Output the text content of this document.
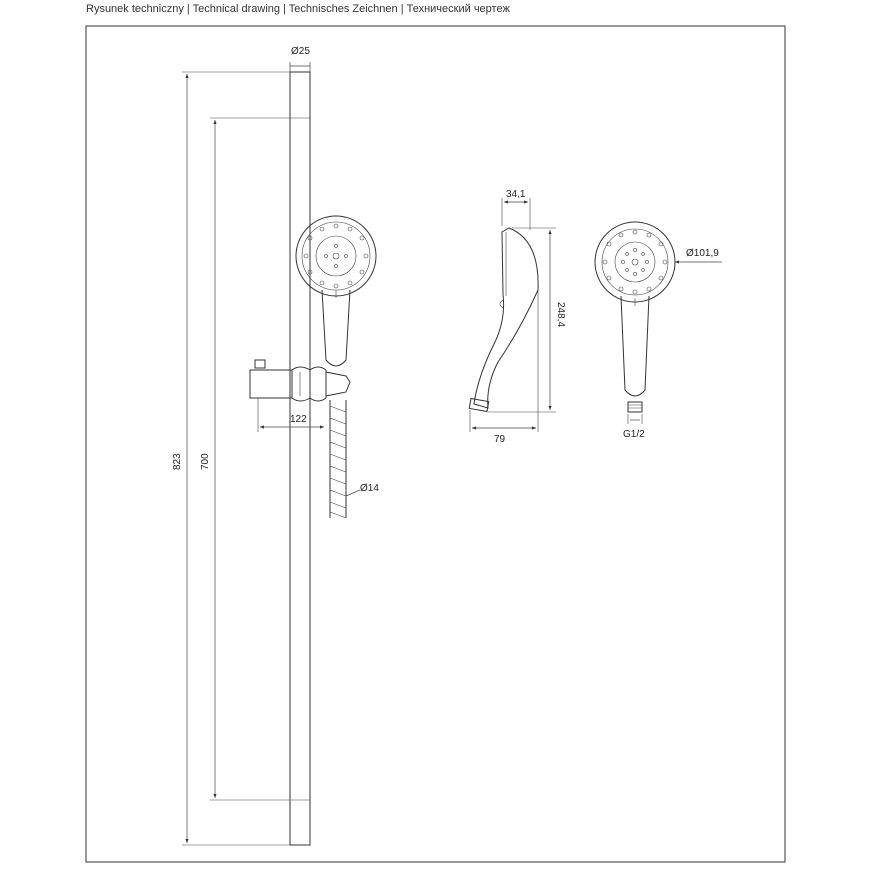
Rysunek techniczny | Technical drawing | Technisches Zeichnen | Технический чертеж
Ø25
823 700
122
Ø14
34,1
248,4
79
Ø101,9
G1/2
